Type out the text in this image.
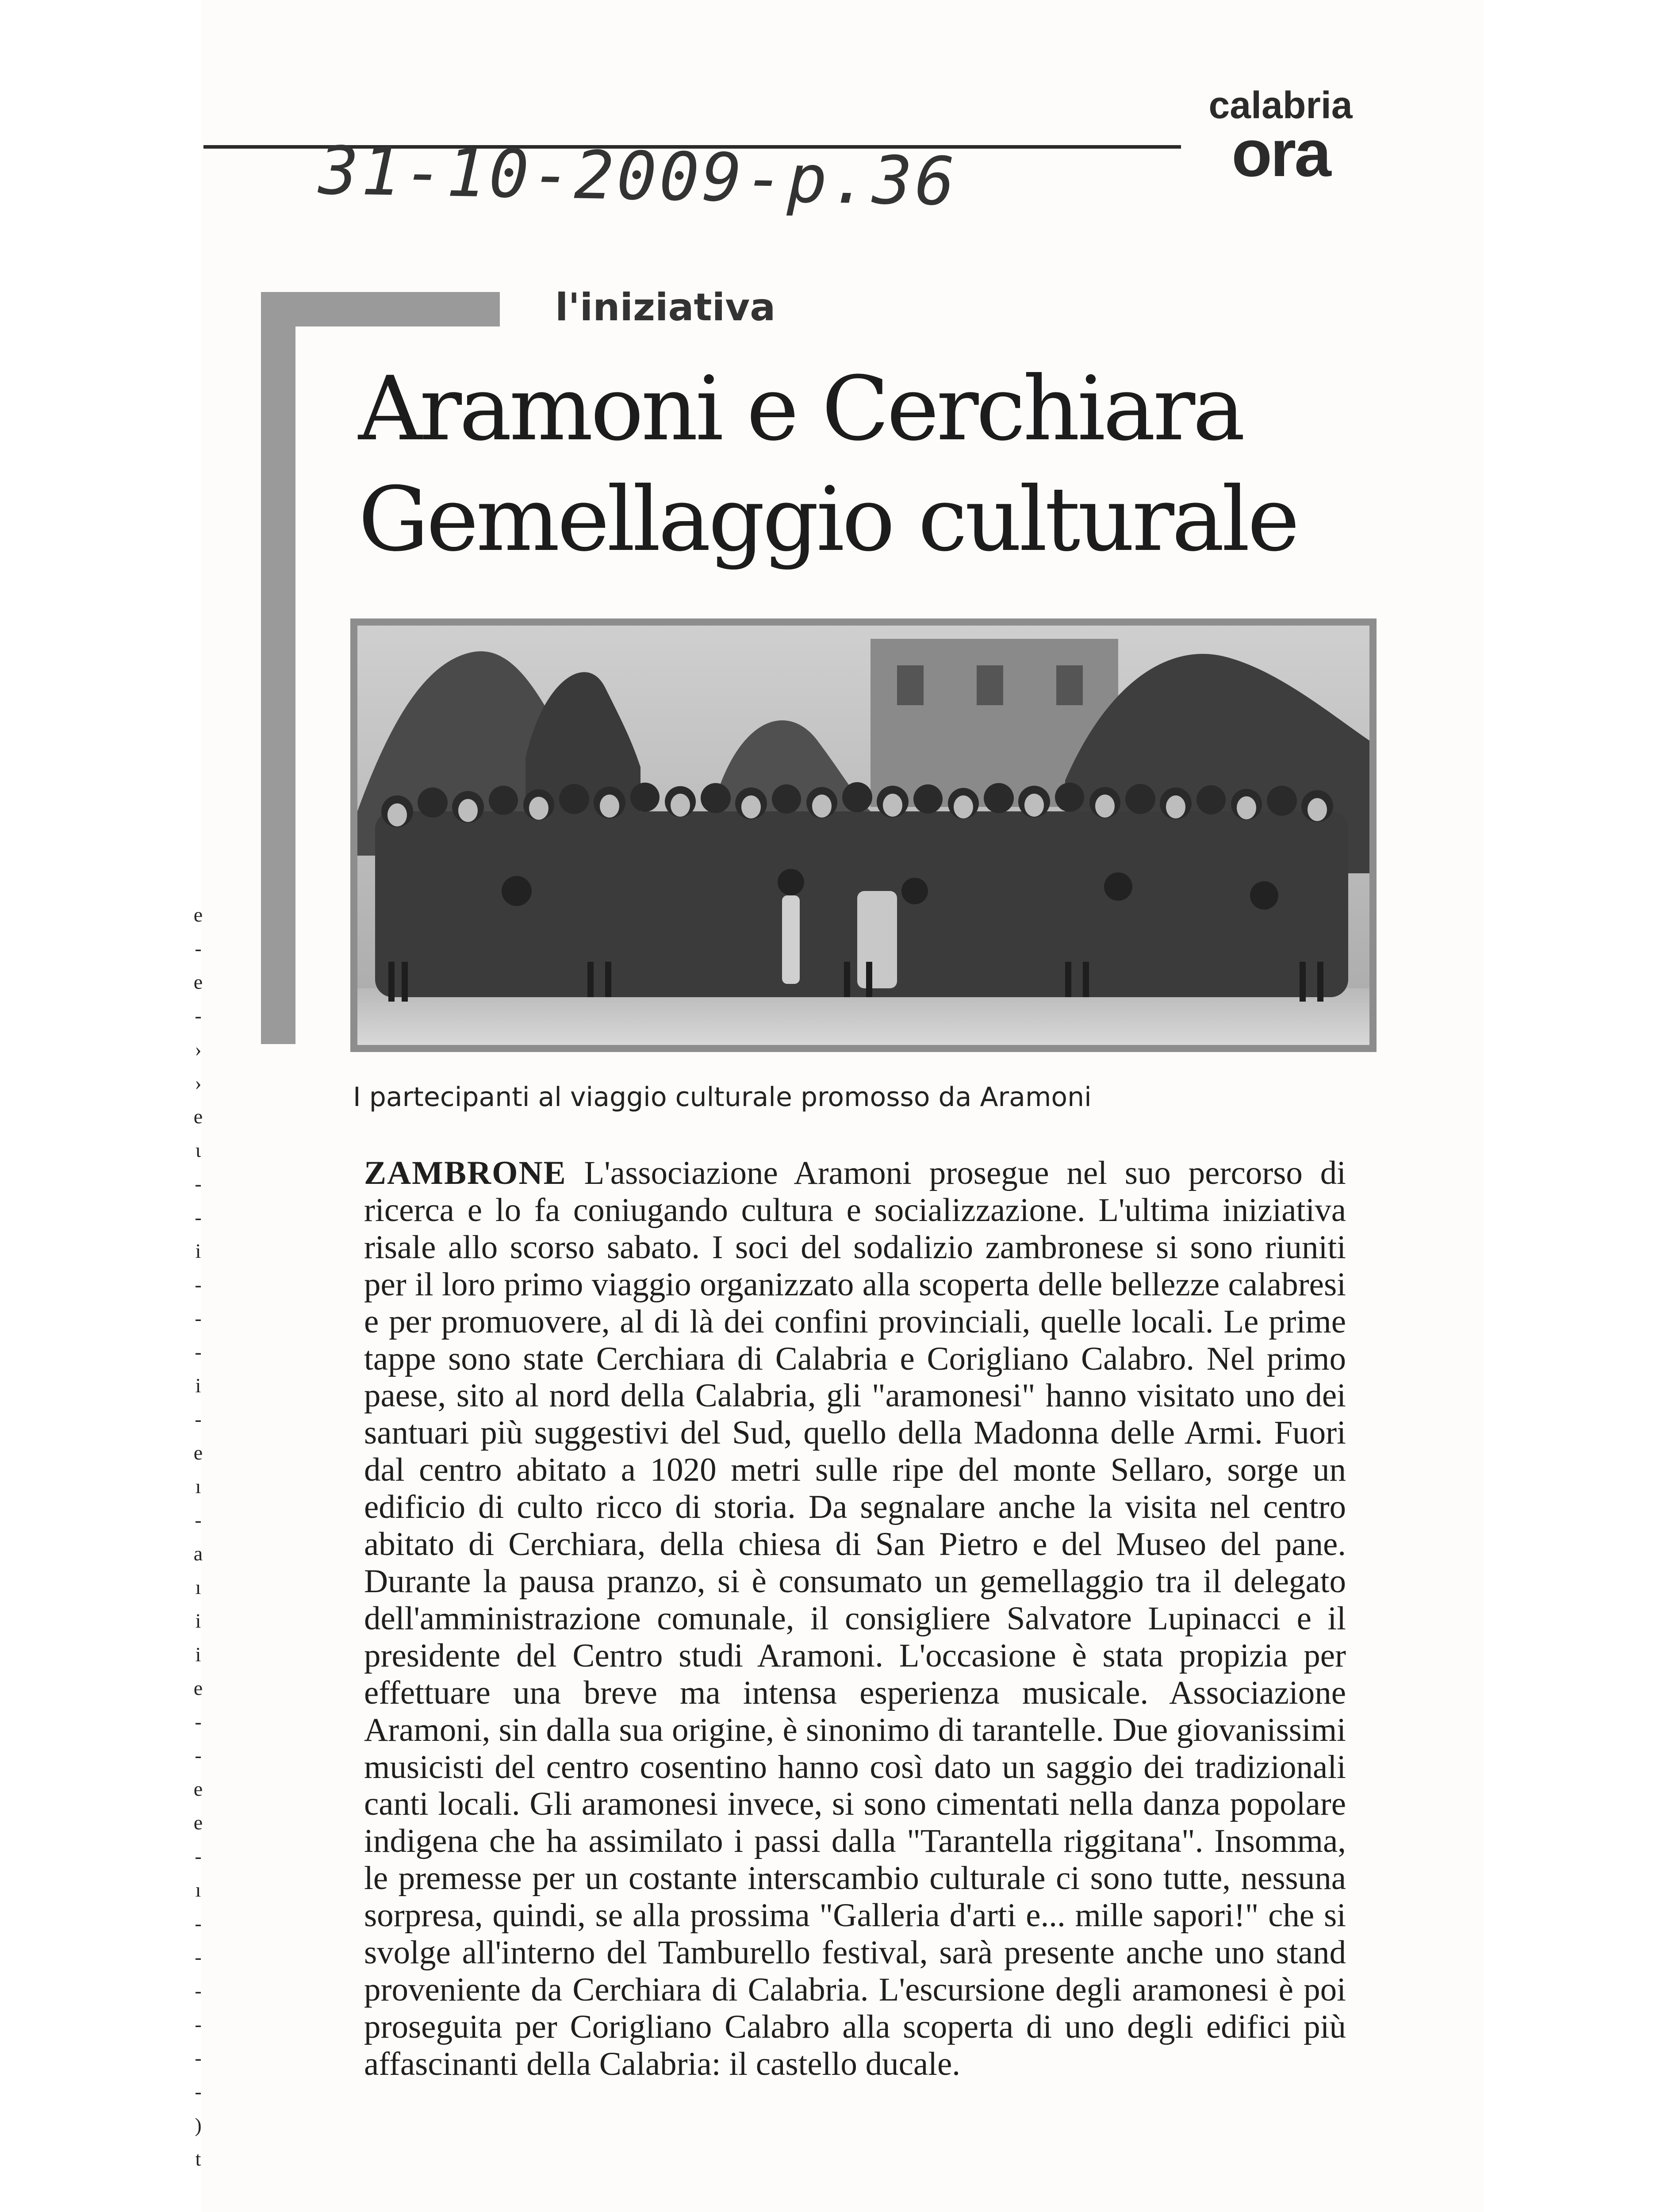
e
-
e
-
›
›
e
ι
-
-
i
-
-
-
i
-
e
ı
-
a
ı
i
i
e
-
-
e
e
-
ı
-
-
-
-
-
-
)
t
31-10-2009-p.36
calabria
ora
l'iniziativa
Aramoni e Cerchiara
Gemellaggio culturale
I partecipanti al viaggio culturale promosso da Aramoni

ZAMBRONE L'associazione Aramoni prosegue nel suo percorso di ricerca e lo fa coniugando cultura e socializzazione. L'ultima iniziativa risale allo scorso sabato. I soci del sodalizio zambronese si sono riuniti per il loro primo viaggio organizzato alla scoperta delle bellezze calabresi e per promuovere, al di là dei confini provinciali, quelle locali. Le prime tappe sono state Cerchiara di Calabria e Corigliano Calabro. Nel primo paese, sito al nord della Calabria, gli "aramonesi" hanno visitato uno dei santuari più suggestivi del Sud, quello della Madonna delle Armi. Fuori dal centro abitato a 1020 metri sulle ripe del monte Sellaro, sorge un edificio di culto ricco di storia. Da segnalare anche la visita nel centro abitato di Cerchiara, della chiesa di San Pietro e del Museo del pane. Durante la pausa pranzo, si è consumato un gemellaggio tra il delegato dell'amministrazione comunale, il consigliere Salvatore Lupinacci e il presidente del Centro studi Aramoni. L'occasione è stata propizia per effettuare una breve ma intensa esperienza musicale. Associazione Aramoni, sin dalla sua origine, è sinonimo di tarantelle. Due giovanissimi musicisti del centro cosentino hanno così dato un saggio dei tradizionali canti locali. Gli aramonesi invece, si sono cimentati nella danza popolare indigena che ha assimilato i passi dalla "Tarantella riggitana". Insomma, le premesse per un costante interscambio culturale ci sono tutte, nessuna sorpresa, quindi, se alla prossima "Galleria d'arti e... mille sapori!" che si svolge all'interno del Tamburello festival, sarà presente anche uno stand proveniente da Cerchiara di Calabria. L'escursione degli aramonesi è poi proseguita per Corigliano Calabro alla scoperta di uno degli edifici più affascinanti della Calabria: il castello ducale.
